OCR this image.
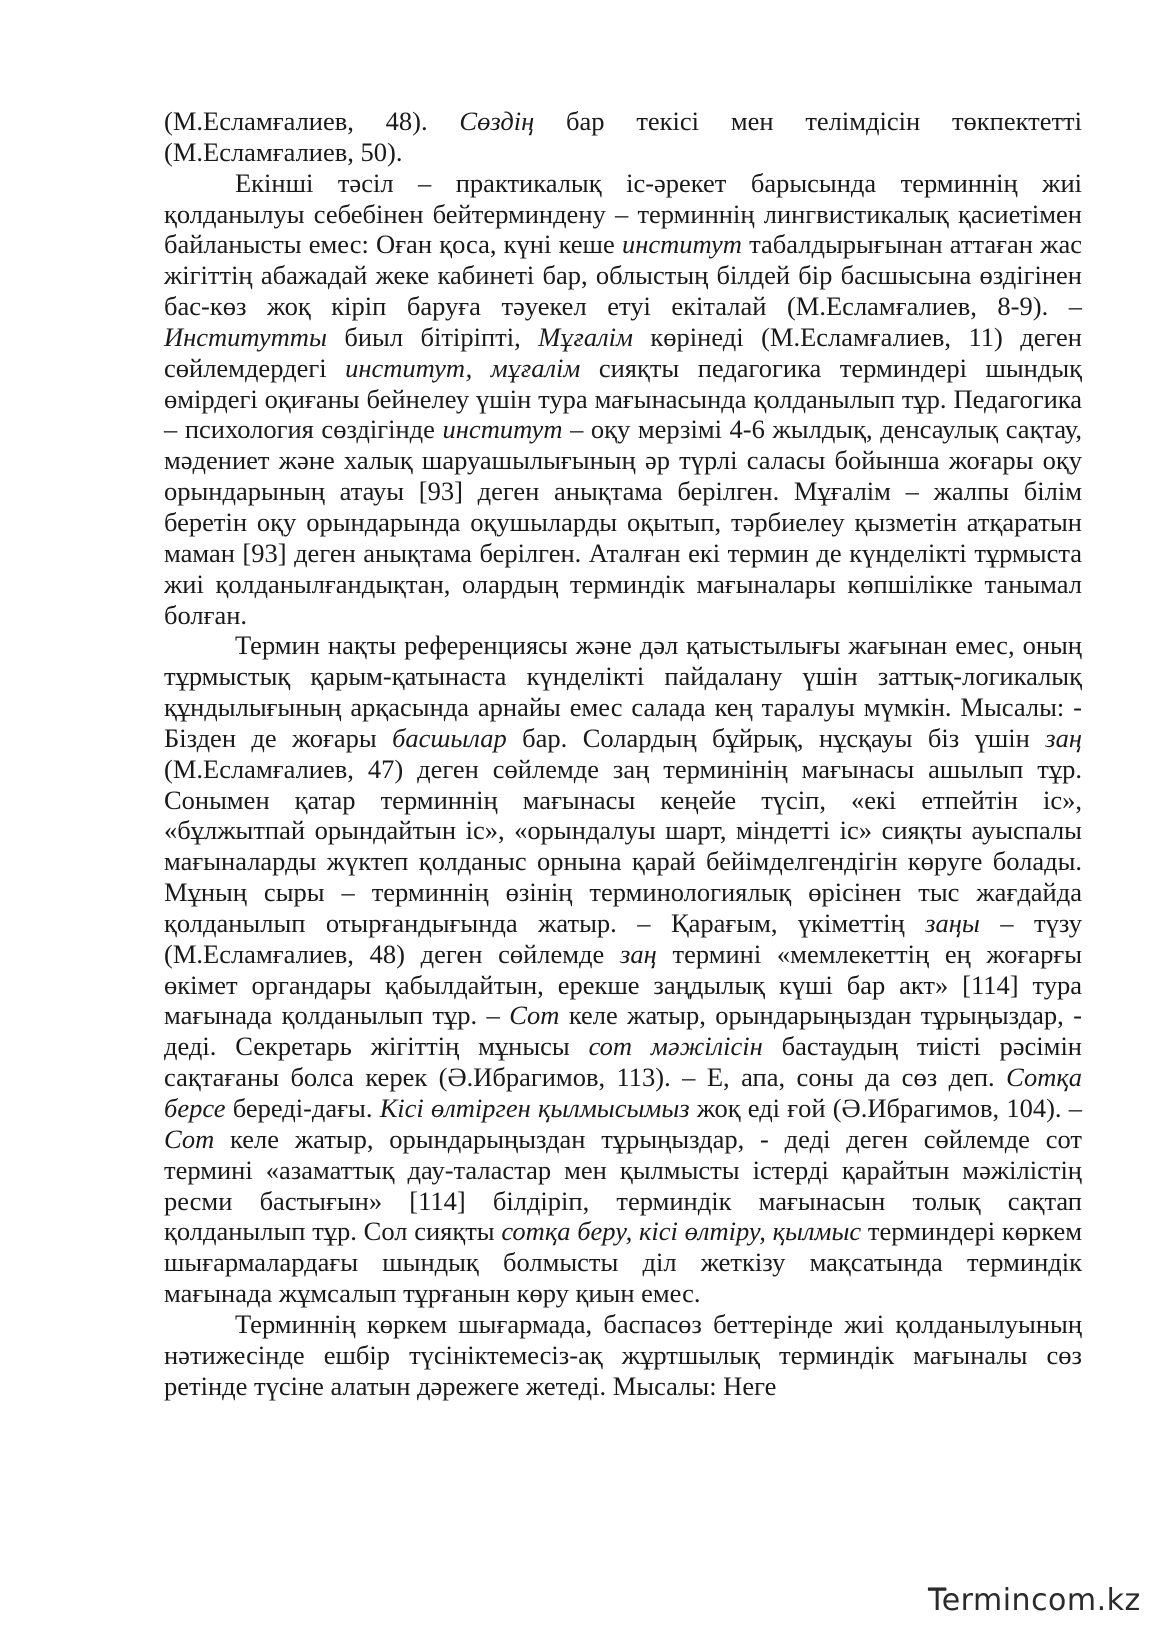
(М.Есламғалиев, 48). Сөздің бар текісі мен телімдісін төкпектетті (М.Есламғалиев, 50).

Екінші тәсіл – практикалық іс-әрекет барысында терминнің жиі қолданылуы себебінен бейтерминдену – терминнің лингвистикалық қасиетімен байланысты емес: Оған қоса, күні кеше институт табалдырығынан аттаған жас жігіттің абажадай жеке кабинеті бар, облыстың білдей бір басшысына өздігінен бас-көз жоқ кіріп баруға тәуекел етуі екіталай (М.Есламғалиев, 8-9). – Институтты биыл бітіріпті, Мұғалім көрінеді (М.Есламғалиев, 11) деген сөйлемдердегі институт, мұғалім сияқты педагогика терминдері шындық өмірдегі оқиғаны бейнелеу үшін тура мағынасында қолданылып тұр. Педагогика – психология сөздігінде институт – оқу мерзімі 4-6 жылдық, денсаулық сақтау, мәдениет және халық шаруашылығының әр түрлі саласы бойынша жоғары оқу орындарының атауы [93] деген анықтама берілген. Мұғалім – жалпы білім беретін оқу орындарында оқушыларды оқытып, тәрбиелеу қызметін атқаратын маман [93] деген анықтама берілген. Аталған екі термин де күнделікті тұрмыста жиі қолданылғандықтан, олардың терминдік мағыналары көпшілікке танымал болған.

Термин нақты референциясы және дәл қатыстылығы жағынан емес, оның тұрмыстық қарым-қатынаста күнделікті пайдалану үшін заттық-логикалық құндылығының арқасында арнайы емес салада кең таралуы мүмкін. Мысалы: - Бізден де жоғары басшылар бар. Солардың бұйрық, нұсқауы біз үшін заң (М.Есламғалиев, 47) деген сөйлемде заң терминінің мағынасы ашылып тұр. Сонымен қатар терминнің мағынасы кеңейе түсіп, «екі етпейтін іс», «бұлжытпай орындайтын іс», «орындалуы шарт, міндетті іс» сияқты ауыспалы мағыналарды жүктеп қолданыс орнына қарай бейімделгендігін көруге болады. Мұның сыры – терминнің өзінің терминологиялық өрісінен тыс жағдайда қолданылып отырғандығында жатыр. – Қарағым, үкіметтің заңы – түзу (М.Есламғалиев, 48) деген сөйлемде заң термині «мемлекеттің ең жоғарғы өкімет органдары қабылдайтын, ерекше заңдылық күші бар акт» [114] тура мағынада қолданылып тұр. – Сот келе жатыр, орындарыңыздан тұрыңыздар, - деді. Секретарь жігіттің мұнысы сот мәжілісін бастаудың тиісті рәсімін сақтағаны болса керек (Ә.Ибрагимов, 113). – Е, апа, соны да сөз деп. Сотқа берсе береді-дағы. Кісі өлтірген қылмысымыз жоқ еді ғой (Ә.Ибрагимов, 104). – Сот келе жатыр, орындарыңыздан тұрыңыздар, - деді деген сөйлемде сот термині «азаматтық дау-таластар мен қылмысты істерді қарайтын мәжілістің ресми бастығын» [114] білдіріп, терминдік мағынасын толық сақтап қолданылып тұр. Сол сияқты сотқа беру, кісі өлтіру, қылмыс терминдері көркем шығармалардағы шындық болмысты діл жеткізу мақсатында терминдік мағынада жұмсалып тұрғанын көру қиын емес.

Терминнің көркем шығармада, баспасөз беттерінде жиі қолданылуының нәтижесінде ешбір түсініктемесіз-ақ жұртшылық терминдік мағыналы сөз ретінде түсіне алатын дәрежеге жетеді. Мысалы: Неге

Termincom.kz
